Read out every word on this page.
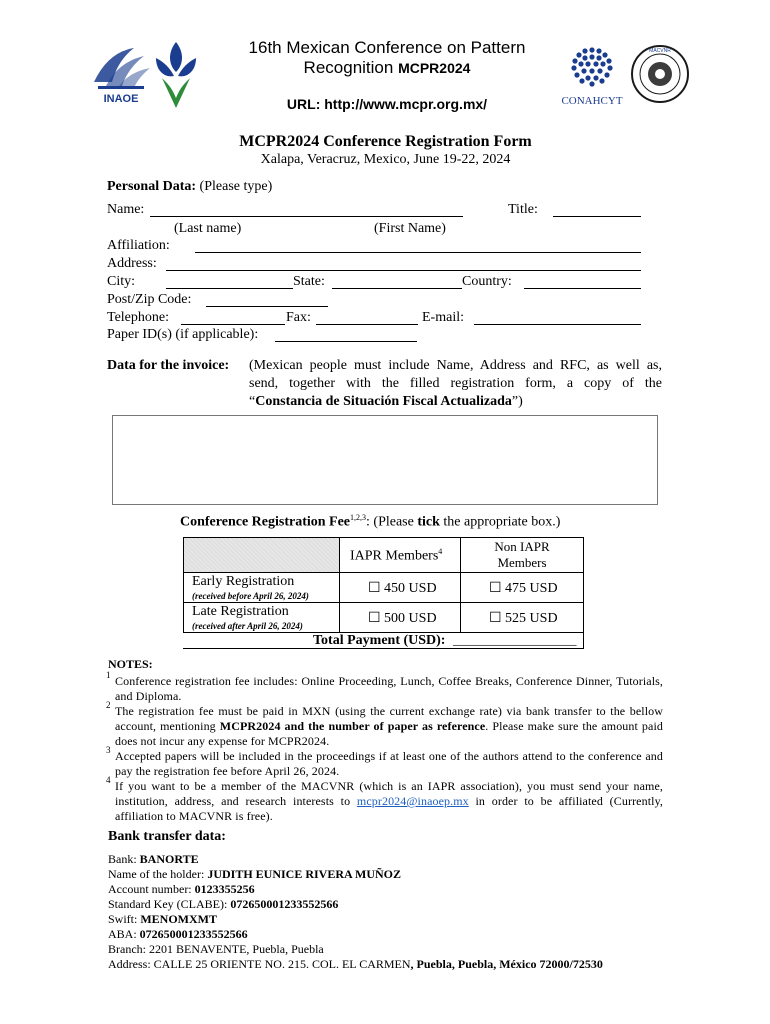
INAOE	CONAHCYT
MACVNR
16th Mexican Conference on Pattern
Recognition MCPR2024
URL: http://www.mcpr.org.mx/
MCPR2024 Conference Registration Form
Xalapa, Veracruz, Mexico, June 19-22, 2024
Personal Data: (Please type)
Name:	Title:
(Last name)	(First Name)
Affiliation:
Address:
City:	State:	Country:
Post/Zip Code:
Telephone:	Fax:	E-mail:
Paper ID(s) (if applicable):
Data for the invoice: (Mexican people must include Name, Address and RFC, as well as,
send, together with the filled registration form, a copy of the
“Constancia de Situación Fiscal Actualizada”)
Conference Registration Fee$^{1,2,3}$: (Please tick the appropriate box.)
IAPR Members$^4$	Non IAPR
Members
Early Registration
(received before April 26, 2024)	☐ 450 USD	☐ 475 USD
Late Registration
(received after April 26, 2024)	☐ 500 USD	☐ 525 USD
Total Payment (USD): ___________________
NOTES:
1 Conference registration fee includes: Online Proceeding, Lunch, Coffee Breaks, Conference Dinner, Tutorials, and Diploma.
2 The registration fee must be paid in MXN (using the current exchange rate) via bank transfer to the bellow account, mentioning MCPR2024 and the number of paper as reference. Please make sure the amount paid does not incur any expense for MCPR2024.
3 Accepted papers will be included in the proceedings if at least one of the authors attend to the conference and pay the registration fee before April 26, 2024.
4 If you want to be a member of the MACVNR (which is an IAPR association), you must send your name, institution, address, and research interests to mcpr2024@inaoep.mx in order to be affiliated (Currently, affiliation to MACVNR is free).
Bank transfer data:
Bank: BANORTE
Name of the holder: JUDITH EUNICE RIVERA MUÑOZ
Account number: 0123355256
Standard Key (CLABE): 072650001233552566
Swift: MENOMXMT
ABA: 072650001233552566
Branch: 2201 BENAVENTE, Puebla, Puebla
Address: CALLE 25 ORIENTE NO. 215. COL. EL CARMEN, Puebla, Puebla, México 72000/72530
